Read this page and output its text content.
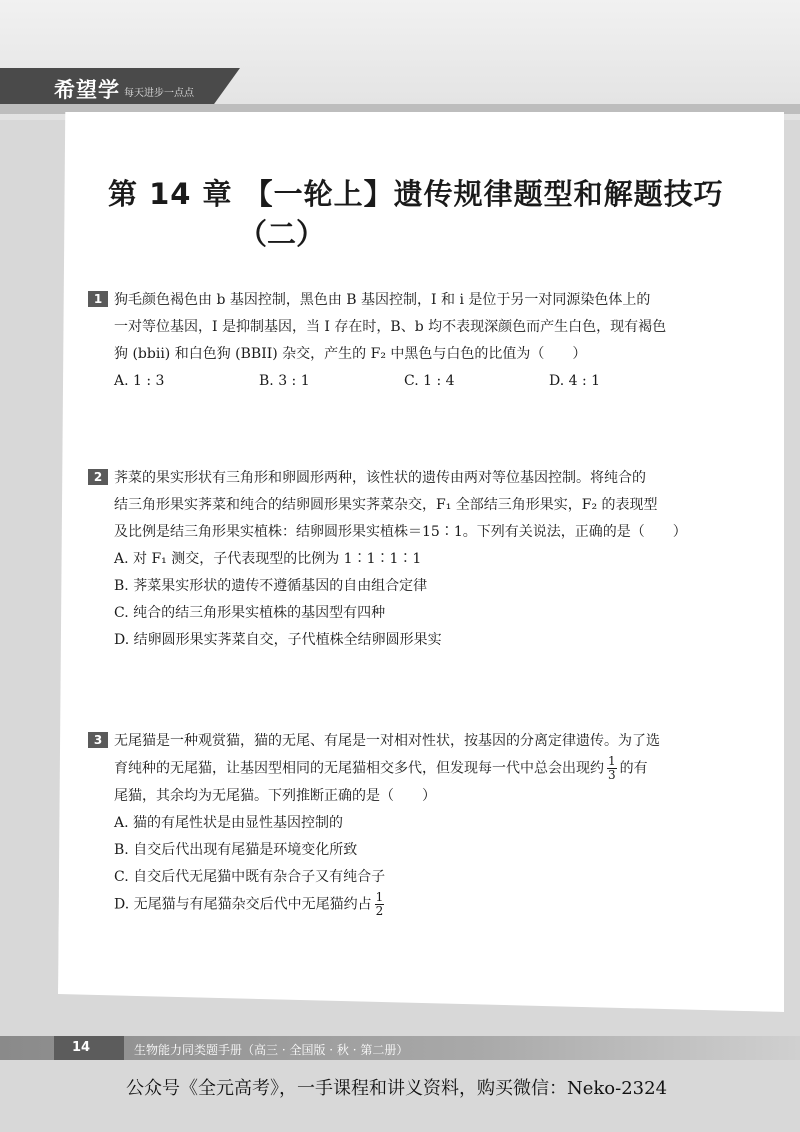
希望学 每天进步一点点
第 14 章 【一轮上】遗传规律题型和解题技巧
（二）
1 狗毛颜色褐色由 b 基因控制，黑色由 B 基因控制，I 和 i 是位于另一对同源染色体上的
一对等位基因，I 是抑制基因，当 I 存在时，B、b 均不表现深颜色而产生白色，现有褐色
狗 (bbii) 和白色狗 (BBII) 杂交，产生的 F₂ 中黑色与白色的比值为（　　）
A. 1 : 3	B. 3 : 1	C. 1 : 4	D. 4 : 1
2 荠菜的果实形状有三角形和卵圆形两种，该性状的遗传由两对等位基因控制。将纯合的
结三角形果实荠菜和纯合的结卵圆形果实荠菜杂交，F₁ 全部结三角形果实，F₂ 的表现型
及比例是结三角形果实植株：结卵圆形果实植株＝15∶1。下列有关说法，正确的是（　　）
A. 对 F₁ 测交，子代表现型的比例为 1∶1∶1∶1
B. 荠菜果实形状的遗传不遵循基因的自由组合定律
C. 纯合的结三角形果实植株的基因型有四种
D. 结卵圆形果实荠菜自交，子代植株全结卵圆形果实
3 无尾猫是一种观赏猫，猫的无尾、有尾是一对相对性状，按基因的分离定律遗传。为了选
育纯种的无尾猫，让基因型相同的无尾猫相交多代，但发现每一代中总会出现约 $\frac{1}{3}$ 的有
尾猫，其余均为无尾猫。下列推断正确的是（　　）
A. 猫的有尾性状是由显性基因控制的
B. 自交后代出现有尾猫是环境变化所致
C. 自交后代无尾猫中既有杂合子又有纯合子
D. 无尾猫与有尾猫杂交后代中无尾猫约占 $\frac{1}{2}$
14	生物能力同类题手册（高三 · 全国版 · 秋 · 第二册）
公众号《全元高考》，一手课程和讲义资料，购买微信：Neko-2324
